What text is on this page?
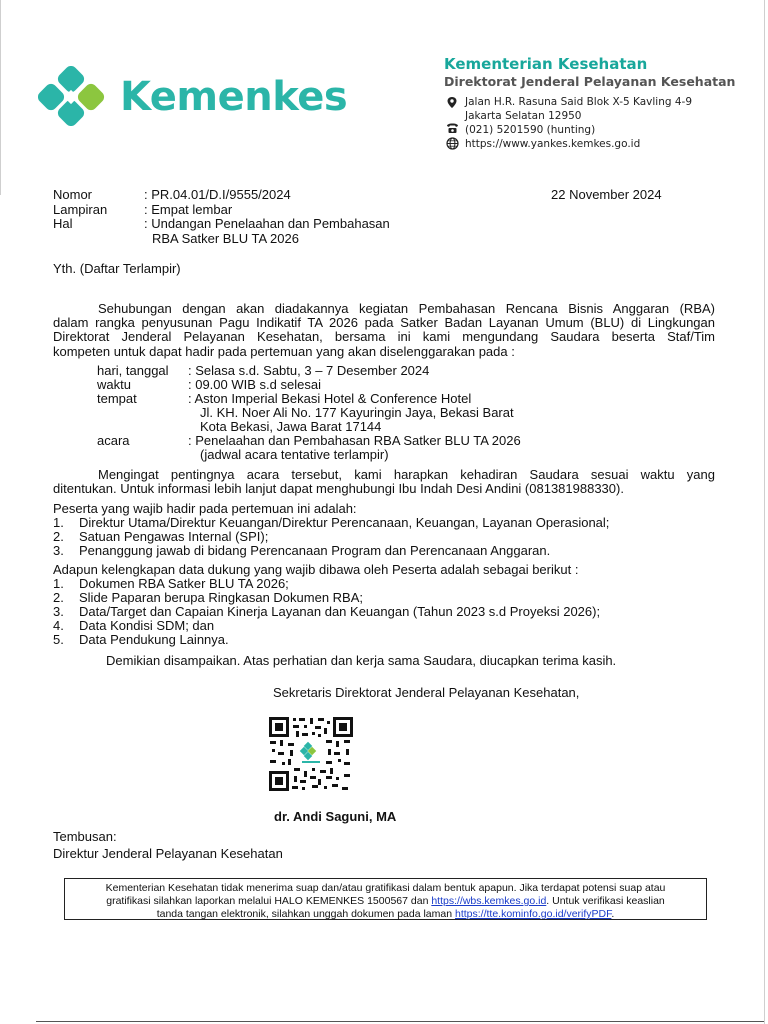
Kemenkes
Kementerian Kesehatan
Direktorat Jenderal Pelayanan Kesehatan
Jalan H.R. Rasuna Said Blok X-5 Kavling 4-9
Jakarta Selatan 12950
(021) 5201590 (hunting)
https://www.yankes.kemkes.go.id
Nomor	: PR.04.01/D.I/9555/2024	22 November 2024
Lampiran	: Empat lembar
Hal	: Undangan Penelaahan dan Pembahasan
RBA Satker BLU TA 2026
Yth. (Daftar Terlampir)
Sehubungan dengan akan diadakannya kegiatan Pembahasan Rencana Bisnis Anggaran (RBA)
dalam rangka penyusunan Pagu Indikatif TA 2026 pada Satker Badan Layanan Umum (BLU) di Lingkungan
Direktorat Jenderal Pelayanan Kesehatan, bersama ini kami mengundang Saudara beserta Staf/Tim
kompeten untuk dapat hadir pada pertemuan yang akan diselenggarakan pada :
hari, tanggal : Selasa s.d. Sabtu, 3 – 7 Desember 2024
waktu	: 09.00 WIB s.d selesai
tempat	: Aston Imperial Bekasi Hotel & Conference Hotel
Jl. KH. Noer Ali No. 177 Kayuringin Jaya, Bekasi Barat
Kota Bekasi, Jawa Barat 17144
acara	: Penelaahan dan Pembahasan RBA Satker BLU TA 2026
(jadwal acara tentative terlampir)
Mengingat pentingnya acara tersebut, kami harapkan kehadiran Saudara sesuai waktu yang
ditentukan. Untuk informasi lebih lanjut dapat menghubungi Ibu Indah Desi Andini (081381988330).
Peserta yang wajib hadir pada pertemuan ini adalah:
1. Direktur Utama/Direktur Keuangan/Direktur Perencanaan, Keuangan, Layanan Operasional;
2. Satuan Pengawas Internal (SPI);
3. Penanggung jawab di bidang Perencanaan Program dan Perencanaan Anggaran.
Adapun kelengkapan data dukung yang wajib dibawa oleh Peserta adalah sebagai berikut :
1. Dokumen RBA Satker BLU TA 2026;
2. Slide Paparan berupa Ringkasan Dokumen RBA;
3. Data/Target dan Capaian Kinerja Layanan dan Keuangan (Tahun 2023 s.d Proyeksi 2026);
4. Data Kondisi SDM; dan
5. Data Pendukung Lainnya.
Demikian disampaikan. Atas perhatian dan kerja sama Saudara, diucapkan terima kasih.
Sekretaris Direktorat Jenderal Pelayanan Kesehatan,
dr. Andi Saguni, MA
Tembusan:
Direktur Jenderal Pelayanan Kesehatan
Kementerian Kesehatan tidak menerima suap dan/atau gratifikasi dalam bentuk apapun. Jika terdapat potensi suap atau
gratifikasi silahkan laporkan melalui HALO KEMENKES 1500567 dan https://wbs.kemkes.go.id. Untuk verifikasi keaslian
tanda tangan elektronik, silahkan unggah dokumen pada laman https://tte.kominfo.go.id/verifyPDF.
